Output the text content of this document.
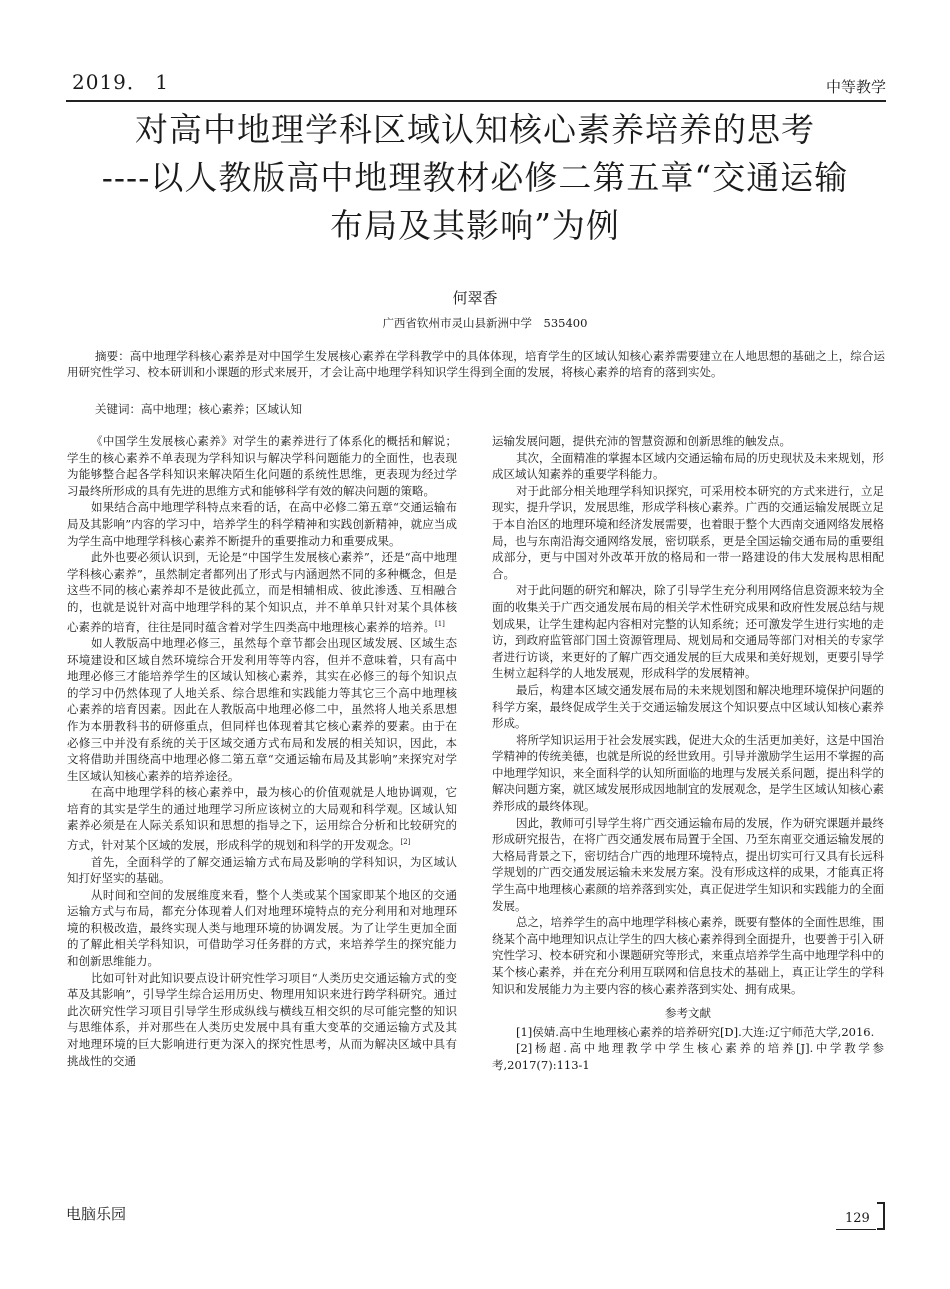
2019． 1	中等教学
对高中地理学科区域认知核心素养培养的思考
----以人教版高中地理教材必修二第五章“交通运输
布局及其影响”为例
何翠香
广西省钦州市灵山县新洲中学　535400
摘要：高中地理学科核心素养是对中国学生发展核心素养在学科教学中的具体体现，培育学生的区域认知核心素养需要建立在人地思想的基础之上，综合运用研究性学习、校本研训和小课题的形式来展开，才会让高中地理学科知识学生得到全面的发展，将核心素养的培育的落到实处。
关键词：高中地理；核心素养；区域认知

《中国学生发展核心素养》对学生的素养进行了体系化的概括和解说；学生的核心素养不单表现为学科知识与解决学科问题能力的全面性，也表现为能够整合起各学科知识来解决陌生化问题的系统性思维，更表现为经过学习最终所形成的具有先进的思维方式和能够科学有效的解决问题的策略。

如果结合高中地理学科特点来看的话，在高中必修二第五章“交通运输布局及其影响”内容的学习中，培养学生的科学精神和实践创新精神，就应当成为学生高中地理学科核心素养不断提升的重要推动力和重要成果。

此外也要必须认识到，无论是“中国学生发展核心素养”，还是“高中地理学科核心素养”，虽然制定者都列出了形式与内涵迥然不同的多种概念，但是这些不同的核心素养却不是彼此孤立，而是相辅相成、彼此渗透、互相融合的，也就是说针对高中地理学科的某个知识点，并不单单只针对某个具体核心素养的培育，往往是同时蕴含着对学生四类高中地理核心素养的培养。[1]

如人教版高中地理必修三，虽然每个章节都会出现区域发展、区域生态环境建设和区域自然环境综合开发利用等等内容，但并不意味着，只有高中地理必修三才能培养学生的区域认知核心素养，其实在必修三的每个知识点的学习中仍然体现了人地关系、综合思维和实践能力等其它三个高中地理核心素养的培育因素。因此在人教版高中地理必修二中，虽然将人地关系思想作为本册教科书的研修重点，但同样也体现着其它核心素养的要素。由于在必修三中并没有系统的关于区域交通方式布局和发展的相关知识，因此，本文将借助并围绕高中地理必修二第五章“交通运输布局及其影响”来探究对学生区域认知核心素养的培养途径。

在高中地理学科的核心素养中，最为核心的价值观就是人地协调观，它培育的其实是学生的通过地理学习所应该树立的大局观和科学观。区域认知素养必须是在人际关系知识和思想的指导之下，运用综合分析和比较研究的方式，针对某个区域的发展，形成科学的规划和科学的开发观念。[2]

首先，全面科学的了解交通运输方式布局及影响的学科知识，为区域认知打好坚实的基础。

从时间和空间的发展维度来看，整个人类或某个国家即某个地区的交通运输方式与布局，都充分体现着人们对地理环境特点的充分利用和对地理环境的积极改造，最终实现人类与地理环境的协调发展。为了让学生更加全面的了解此相关学科知识，可借助学习任务群的方式，来培养学生的探究能力和创新思维能力。

比如可针对此知识要点设计研究性学习项目“人类历史交通运输方式的变革及其影响”，引导学生综合运用历史、物理用知识来进行跨学科研究。通过此次研究性学习项目引导学生形成纵线与横线互相交织的尽可能完整的知识与思维体系，并对那些在人类历史发展中具有重大变革的交通运输方式及其对地理环境的巨大影响进行更为深入的探究性思考，从而为解决区域中具有挑战性的交通

运输发展问题，提供充沛的智慧资源和创新思维的触发点。

其次，全面精准的掌握本区域内交通运输布局的历史现状及未来规划，形成区域认知素养的重要学科能力。

对于此部分相关地理学科知识探究，可采用校本研究的方式来进行，立足现实，提升学识，发展思维，形成学科核心素养。广西的交通运输发展既立足于本自治区的地理环境和经济发展需要，也着眼于整个大西南交通网络发展格局，也与东南沿海交通网络发展，密切联系，更是全国运输交通布局的重要组成部分，更与中国对外改革开放的格局和一带一路建设的伟大发展构思相配合。

对于此问题的研究和解决，除了引导学生充分利用网络信息资源来较为全面的收集关于广西交通发展布局的相关学术性研究成果和政府性发展总结与规划成果，让学生建构起内容相对完整的认知系统；还可激发学生进行实地的走访，到政府监管部门国土资源管理局、规划局和交通局等部门对相关的专家学者进行访谈，来更好的了解广西交通发展的巨大成果和美好规划，更要引导学生树立起科学的人地发展观，形成科学的发展精神。

最后，构建本区域交通发展布局的未来规划图和解决地理环境保护问题的科学方案，最终促成学生关于交通运输发展这个知识要点中区域认知核心素养形成。

将所学知识运用于社会发展实践，促进大众的生活更加美好，这是中国治学精神的传统美德，也就是所说的经世致用。引导并激励学生运用不掌握的高中地理学知识，来全面科学的认知所面临的地理与发展关系问题，提出科学的解决问题方案，就区域发展形成因地制宜的发展观念，是学生区域认知核心素养形成的最终体现。

因此，教师可引导学生将广西交通运输布局的发展，作为研究课题并最终形成研究报告，在将广西交通发展布局置于全国、乃至东南亚交通运输发展的大格局背景之下，密切结合广西的地理环境特点，提出切实可行又具有长远科学规划的广西交通发展运输未来发展方案。没有形成这样的成果，才能真正将学生高中地理核心素颜的培养落到实处，真正促进学生知识和实践能力的全面发展。

总之，培养学生的高中地理学科核心素养，既要有整体的全面性思维，围绕某个高中地理知识点让学生的四大核心素养得到全面提升，也要善于引入研究性学习、校本研究和小课题研究等形式，来重点培养学生高中地理学科中的某个核心素养，并在充分利用互联网和信息技术的基础上，真正让学生的学科知识和发展能力为主要内容的核心素养落到实处、拥有成果。

参考文献

[1]侯婧.高中生地理核心素养的培养研究[D].大连:辽宁师范大学,2016.

[2]杨超.高中地理教学中学生核心素养的培养[J].中学教学参考,2017(7):113-1

电脑乐园	129
